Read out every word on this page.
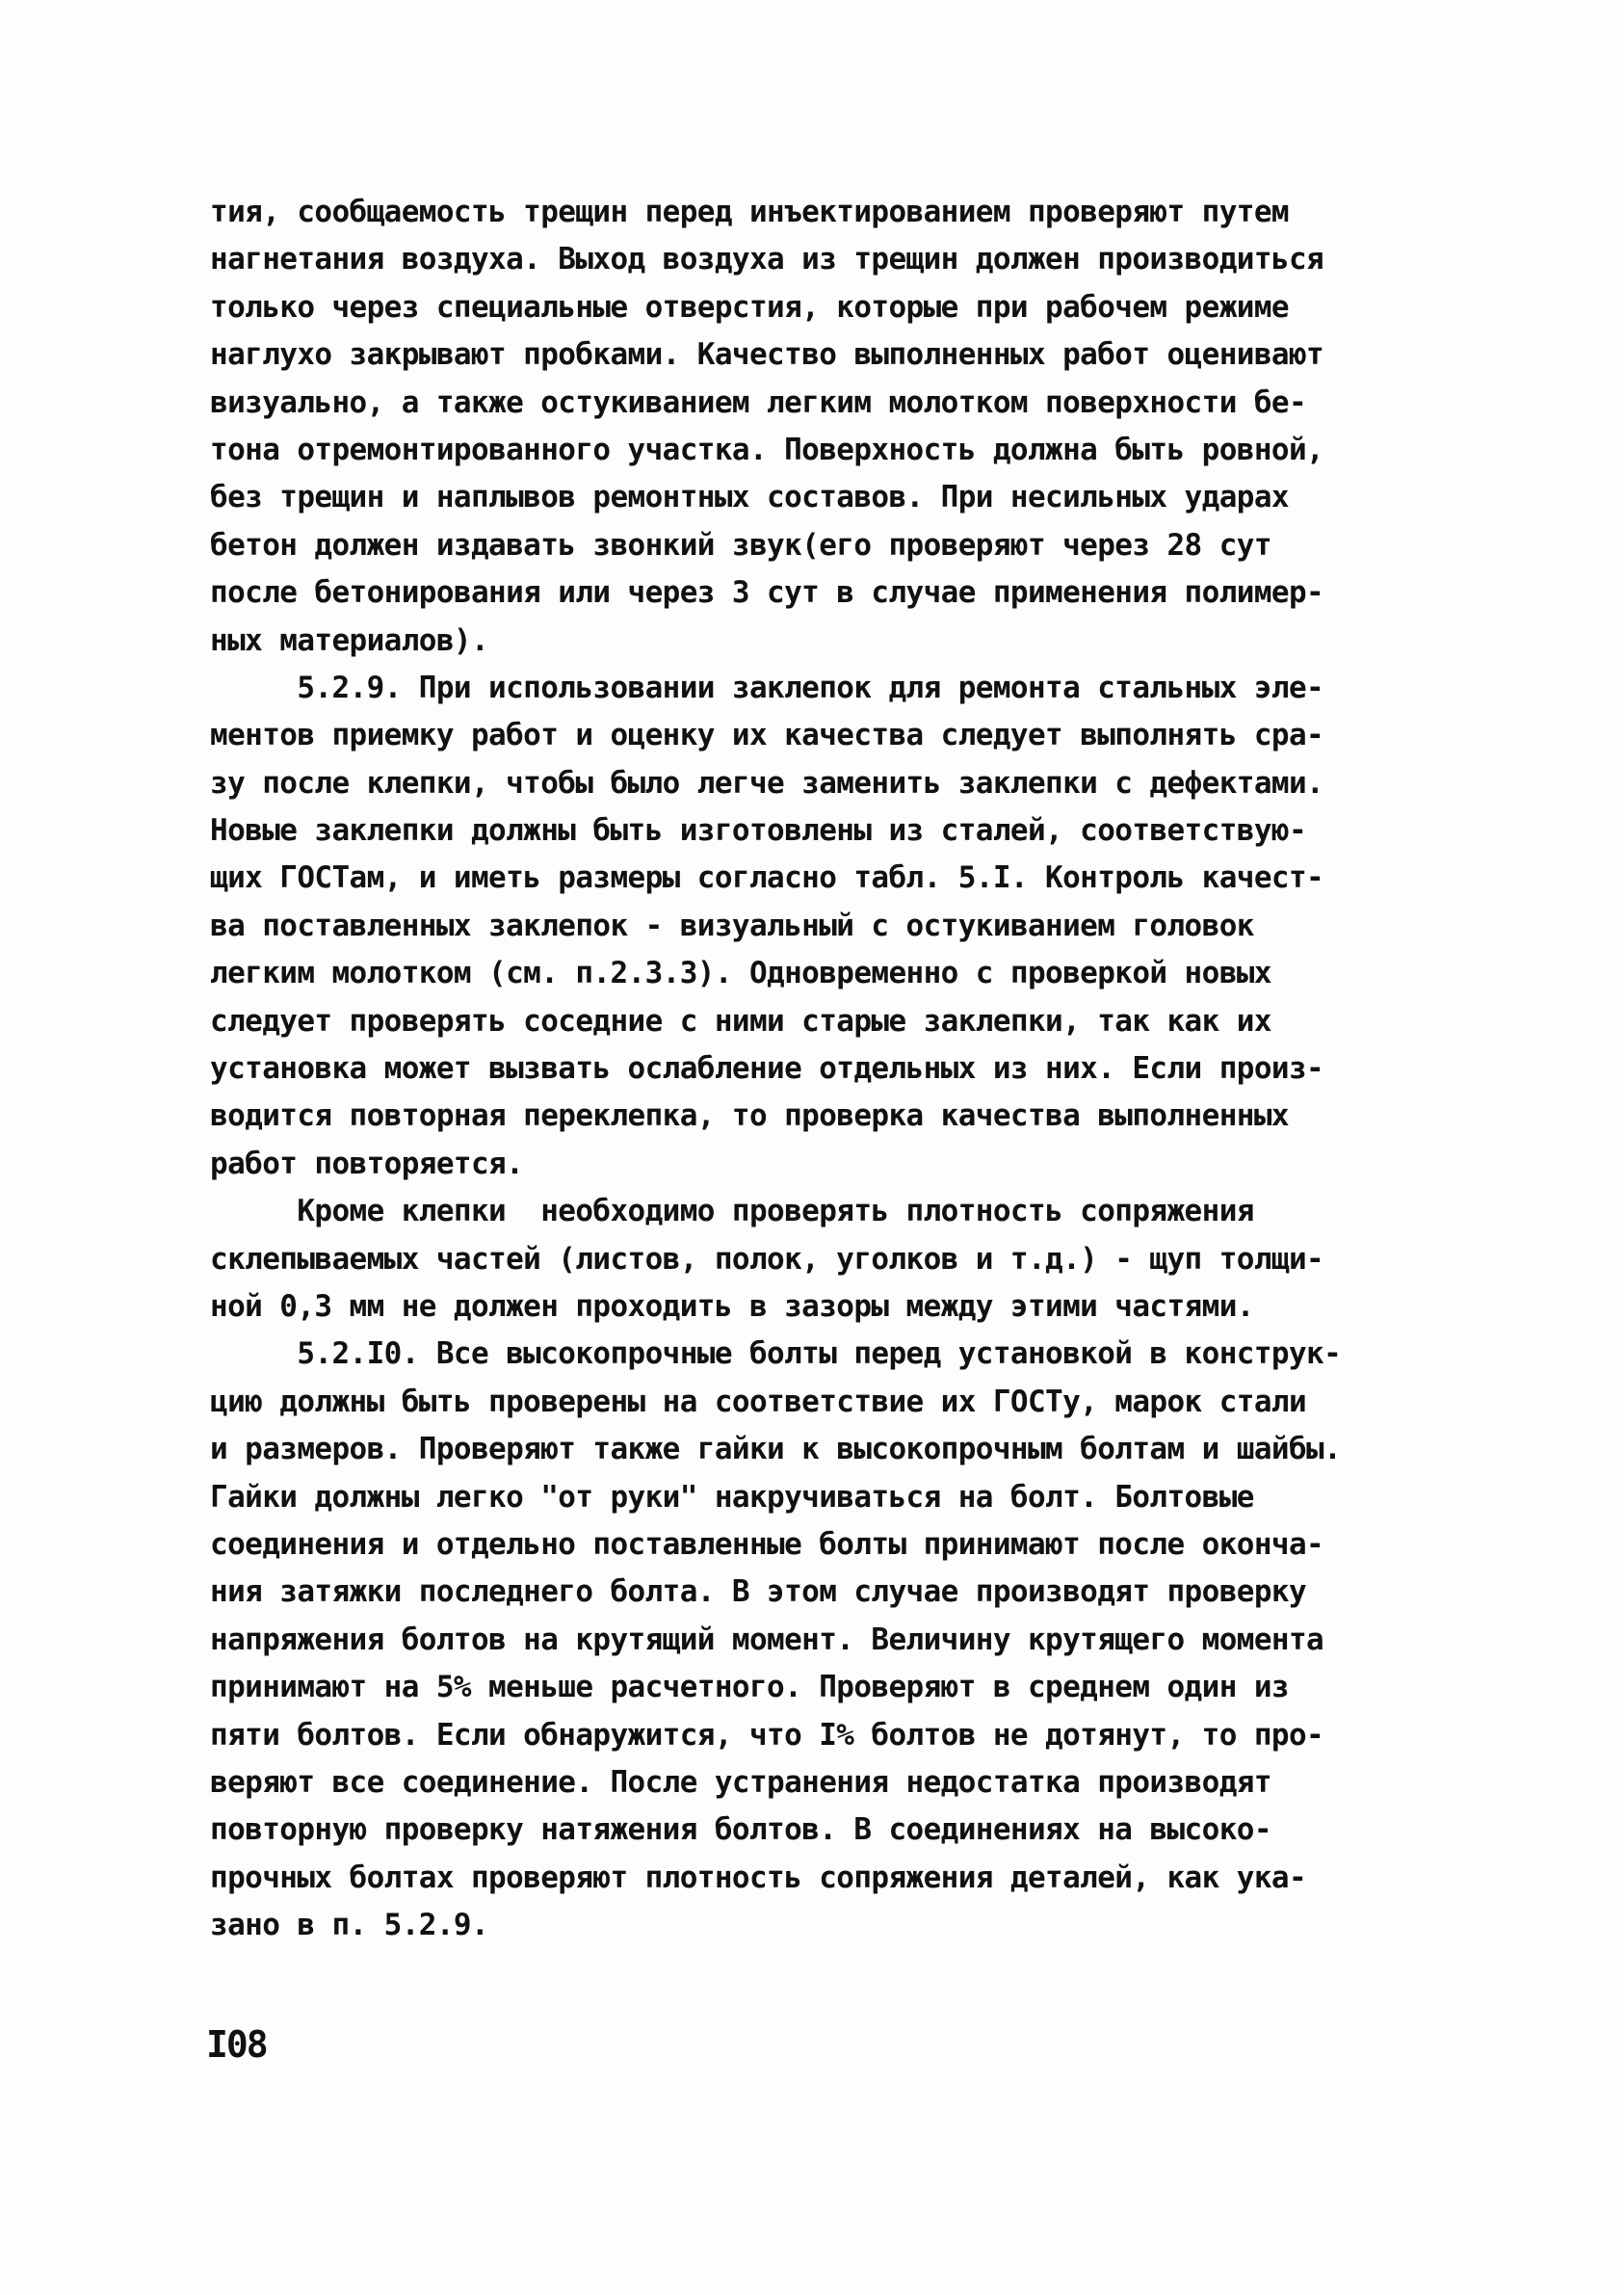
тия, сообщаемость трещин перед инъектированием проверяют путем
нагнетания воздуха. Выход воздуха из трещин должен производиться
только через специальные отверстия, которые при рабочем режиме
наглухо закрывают пробками. Качество выполненных работ оценивают
визуально, а также остукиванием легким молотком поверхности бе-
тона отремонтированного участка. Поверхность должна быть ровной,
без трещин и наплывов ремонтных составов. При несильных ударах
бетон должен издавать звонкий звук(его проверяют через 28 сут
после бетонирования или через 3 сут в случае применения полимер-
ных материалов).
5.2.9. При использовании заклепок для ремонта стальных эле-
ментов приемку работ и оценку их качества следует выполнять сра-
зу после клепки, чтобы было легче заменить заклепки с дефектами.
Новые заклепки должны быть изготовлены из сталей, соответствую-
щих ГОСТам, и иметь размеры согласно табл. 5.I. Контроль качест-
ва поставленных заклепок - визуальный с остукиванием головок
легким молотком (см. п.2.3.3). Одновременно с проверкой новых
следует проверять соседние с ними старые заклепки, так как их
установка может вызвать ослабление отдельных из них. Если произ-
водится повторная переклепка, то проверка качества выполненных
работ повторяется.
Кроме клепки  необходимо проверять плотность сопряжения
склепываемых частей (листов, полок, уголков и т.д.) - щуп толщи-
ной 0,3 мм не должен проходить в зазоры между этими частями.
5.2.I0. Все высокопрочные болты перед установкой в конструк-
цию должны быть проверены на соответствие их ГОСТу, марок стали
и размеров. Проверяют также гайки к высокопрочным болтам и шайбы.
Гайки должны легко "от руки" накручиваться на болт. Болтовые
соединения и отдельно поставленные болты принимают после оконча-
ния затяжки последнего болта. В этом случае производят проверку
напряжения болтов на крутящий момент. Величину крутящего момента
принимают на 5% меньше расчетного. Проверяют в среднем один из
пяти болтов. Если обнаружится, что I% болтов не дотянут, то про-
веряют все соединение. После устранения недостатка производят
повторную проверку натяжения болтов. В соединениях на высоко-
прочных болтах проверяют плотность сопряжения деталей, как ука-
зано в п. 5.2.9.
I08
